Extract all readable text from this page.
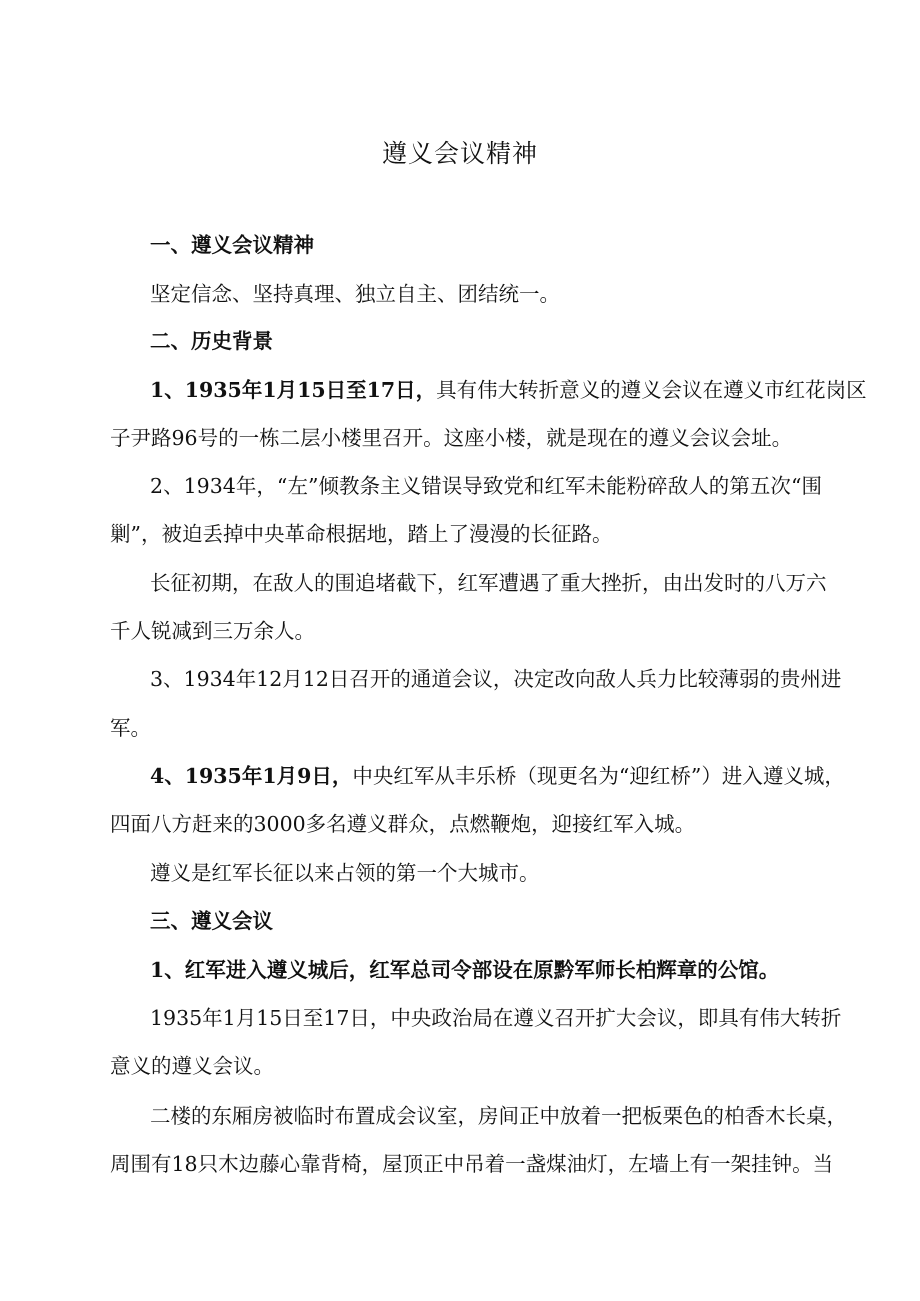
遵义会议精神
一、遵义会议精神
坚定信念、坚持真理、独立自主、团结统一。
二、历史背景
1、1935年1月15日至17日，具有伟大转折意义的遵义会议在遵义市红花岗区
子尹路96号的一栋二层小楼里召开。这座小楼，就是现在的遵义会议会址。
2、1934年，“左”倾教条主义错误导致党和红军未能粉碎敌人的第五次“围
剿”，被迫丢掉中央革命根据地，踏上了漫漫的长征路。
长征初期，在敌人的围追堵截下，红军遭遇了重大挫折，由出发时的八万六
千人锐减到三万余人。
3、1934年12月12日召开的通道会议，决定改向敌人兵力比较薄弱的贵州进
军。
4、1935年1月9日，中央红军从丰乐桥（现更名为“迎红桥”）进入遵义城，
四面八方赶来的3000多名遵义群众，点燃鞭炮，迎接红军入城。
遵义是红军长征以来占领的第一个大城市。
三、遵义会议
1、红军进入遵义城后，红军总司令部设在原黔军师长柏辉章的公馆。
1935年1月15日至17日，中央政治局在遵义召开扩大会议，即具有伟大转折
意义的遵义会议。
二楼的东厢房被临时布置成会议室，房间正中放着一把板栗色的柏香木长桌，
周围有18只木边藤心靠背椅，屋顶正中吊着一盏煤油灯，左墙上有一架挂钟。当
